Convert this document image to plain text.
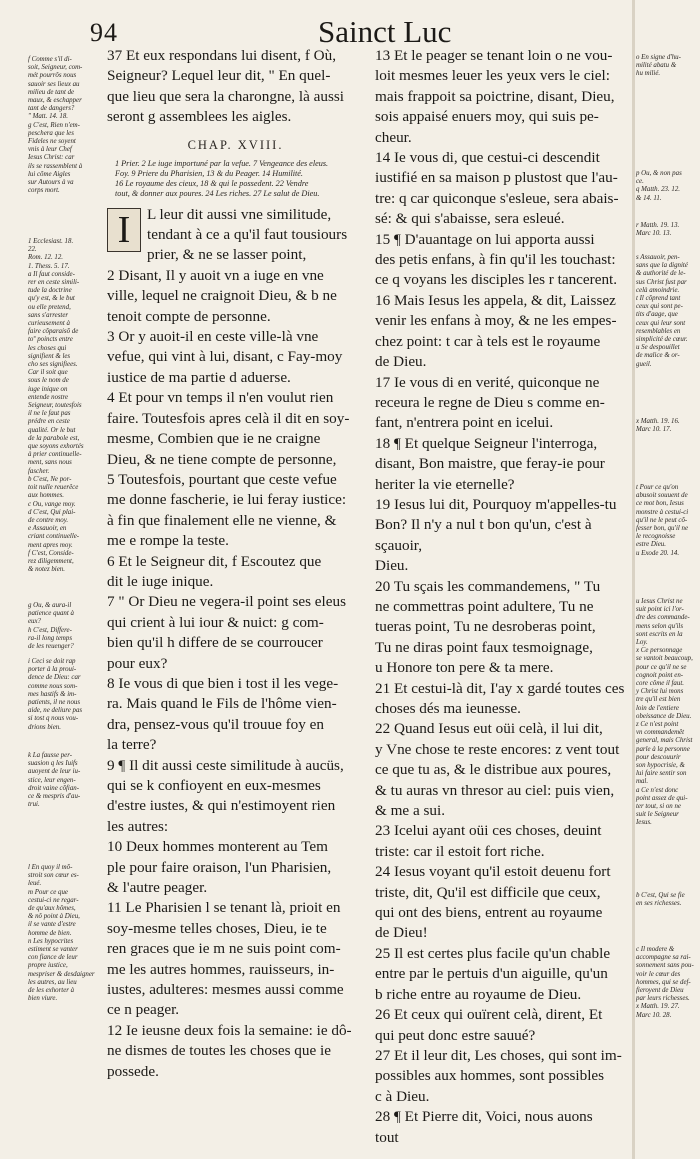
94	Sainct Luc

f Comme s'il di-
soit, Seigneur, com-
mét pourrôs nous
sauoir ses lieux au
milieu de tant de
maux, & eschapper
tant de dangers?
" Matt. 14. 18.
g C'est, Rien n'em-
peschera que les
Fideles ne soyent
vnis à leur Chef
Iesus Christ: car
ils se rassemblent à
lui cõme Aigles
sur Autours à va
corps mort.

1 Ecclesiast. 18.
22.
Rom. 12. 12.
1. Thess. 5. 17.
a Il faut conside-
rer en ceste simili-
tude la doctrine
qu'y est, & le but
ou elle pretend,
sans s'arrester
curieusement à
faire cõparaisõ de
toº poincts entre
les choses qui
signifient & les
cho ses signifiees.
Car il soit que
sous le nom de
iuge inique on
entende nostre
Seigneur, toutesfois
il ne le faut pas
prédre en ceste
qualité. Or le but
de la parabole est,
que soyons exhortés
à prier continuelle-
ment, sans nous
fascher.
b C'est, Ne por-
toit nulle reuerêce
aux hommes.
c Ou, vange moy.
d C'est, Qui plai-
de contre moy.
e Assauoir, en
criant continuelle-
ment apres moy.
f C'est, Conside-
rez diligemment,
& notez bien.

g Ou, & aura-il
patience quant à
eux?
h C'est, Differe-
ra-il long temps
de les reuenger?

i Ceci se doit rap
porter à la proui-
dence de Dieu: car
comme nous som-
mes hastifs & im-
patients, il ne nous
aide, ne deliure pas
si tost q nous vou-
drions bien.

k La fausse per-
suasion q les Iuifs
auoyent de leur iu-
stice, leur engen-
droit vaine cõfian-
ce & mespris d'au-
trui.

l En quoy il mõ-
stroit son cœur es-
leué.
m Pour ce que
cestui-ci ne regar-
de qu'aux hômes,
& nô point à Dieu,
il se vante d'estre
homme de bien.
n Les hypocrites
estiment se vanter
con fiance de leur
propre iustice,
mespriser & desdaigner
les autres, au lieu
de les exhorter à
bien viure.

37 Et eux respondans lui disent, f Où,
Seigneur? Lequel leur dit, " En quel-
que lieu que sera la charongne, là aussi
seront g assemblees les aigles.

CHAP. XVIII.

1 Prier. 2 Le iuge importuné par la vefue. 7 Vengeance des eleus.
Foy. 9 Priere du Pharisien, 13 & du Peager. 14 Humilité.
16 Le royaume des cieux, 18 & qui le possedent. 22 Vendre
tout, & donner aux poures. 24 Les riches. 27 Le salut de Dieu.

I	L leur dit aussi vne similitude,
tendant à ce a qu'il faut tousiours
prier, & ne se lasser point,

2 Disant, Il y auoit vn a iuge en vne
ville, lequel ne craignoit Dieu, & b ne
tenoit compte de personne.

3 Or y auoit-il en ceste ville-là vne
vefue, qui vint à lui, disant, c Fay-moy
iustice de ma partie d aduerse.

4 Et pour vn temps il n'en voulut rien
faire. Toutesfois apres celà il dit en soy-
mesme, Combien que ie ne craigne
Dieu, & ne tiene compte de personne,

5 Toutesfois, pourtant que ceste vefue
me donne fascherie, ie lui feray iustice:
à fin que finalement elle ne vienne, &
me e rompe la teste.

6 Et le Seigneur dit, f Escoutez que
dit le iuge inique.

7 " Or Dieu ne vegera-il point ses eleus
qui crient à lui iour & nuict: g com-
bien qu'il h differe de se courroucer
pour eux?

8 Ie vous di que bien i tost il les vege-
ra. Mais quand le Fils de l'hôme vien-
dra, pensez-vous qu'il trouue foy en
la terre?

9 ¶ Il dit aussi ceste similitude à aucüs,
qui se k confioyent en eux-mesmes
d'estre iustes, & qui n'estimoyent rien
les autres:

10 Deux hommes monterent au Tem
ple pour faire oraison, l'un Pharisien,
& l'autre peager.

11 Le Pharisien l se tenant là, prioit en
soy-mesme telles choses, Dieu, ie te
ren graces que ie m ne suis point com-
me les autres hommes, rauisseurs, in-
iustes, adulteres: mesmes aussi comme
ce n peager.

12 Ie ieusne deux fois la semaine: ie dô-
ne dismes de toutes les choses que ie
possede.

13 Et le peager se tenant loin o ne vou-
loit mesmes leuer les yeux vers le ciel:
mais frappoit sa poictrine, disant, Dieu,
sois appaisé enuers moy, qui suis pe-
cheur.

14 Ie vous di, que cestui-ci descendit
iustifié en sa maison p plustost que l'au-
tre: q car quiconque s'esleue, sera abais-
sé: & qui s'abaisse, sera esleué.

15 ¶ D'auantage on lui apporta aussi
des petis enfans, à fin qu'il les touchast:
ce q voyans les disciples les r tancerent.

16 Mais Iesus les appela, & dit, Laissez
venir les enfans à moy, & ne les empes-
chez point: t car à tels est le royaume
de Dieu.

17 Ie vous di en verité, quiconque ne
receura le regne de Dieu s comme en-
fant, n'entrera point en icelui.

18 ¶ Et quelque Seigneur l'interroga,
disant, Bon maistre, que feray-ie pour
heriter la vie eternelle?

19 Iesus lui dit, Pourquoy m'appelles-tu
Bon? Il n'y a nul t bon qu'un, c'est à sçauoir,
Dieu.

20 Tu sçais les commandemens, " Tu
ne commettras point adultere, Tu ne
tueras point, Tu ne desroberas point,
Tu ne diras point faux tesmoignage,
u Honore ton pere & ta mere.

21 Et cestui-là dit, I'ay x gardé toutes ces
choses dés ma ieunesse.

22 Quand Iesus eut oüi celà, il lui dit,
y Vne chose te reste encores: z vent tout
ce que tu as, & le distribue aux poures,
& tu auras vn thresor au ciel: puis vien,
& me a sui.

23 Icelui ayant oüi ces choses, deuint
triste: car il estoit fort riche.

24 Iesus voyant qu'il estoit deuenu fort
triste, dit, Qu'il est difficile que ceux,
qui ont des biens, entrent au royaume
de Dieu!

25 Il est certes plus facile qu'un chable
entre par le pertuis d'un aiguille, qu'un
b riche entre au royaume de Dieu.

26 Et ceux qui ouïrent celà, dirent, Et
qui peut donc estre sauué?

27 Et il leur dit, Les choses, qui sont im-
possibles aux hommes, sont possibles
c à Dieu.

28 ¶ Et Pierre dit, Voici, nous auons
tout

o En signe d'hu-
milité abatu &
hu milié.

p Ou, & non pas
ce.
q Matth. 23. 12.
& 14. 11.

r Matth. 19. 13.
Marc 10. 13.

s Assauoir, pen-
sans que la dignité
& authorité de le-
sus Christ fust par
celà amoindrie.
t Il cõprend tant
ceux qui sont pe-
tits d'aage, que
ceux qui leur sont
resemblables en
simplicité de cœur.
u Se despouillet
de malice & or-
gueil.

x Matth. 19. 16.
Marc 10. 17.

t Pour ce qu'on
abusoit souuent de
ce mot bon, Iesus
monstre à cestui-ci
qu'il ne le peut cõ-
fesser bon, qu'il ne
le recognoisse
estre Dieu.
u Exode 20. 14.

u Iesus Christ ne
suit point ici l'or-
dre des commande-
mens selon qu'ils
sont escrits en la
Loy.
x Ce personnage
se vantoit beaucoup,
pour ce qu'il ne se
cognoit point en-
core côme il faut.
y Christ lui mons
tre qu'il est bien
loin de l'entiere
obeissance de Dieu.
z Ce n'est point
vn commandemêt
general, mais Christ
parle à la personne
pour descouurir
son hypocrisie, &
lui faire sentir son
mal.
a Ce n'est donc
point assez de qui-
ter tout, si on ne
suit le Seigneur
Iesus.

b C'est, Qui se fie
en ses richesses.

c Il modere &
accompagne sa rai-
sonnement sans pou-
voir le cœur des
hommes, qui se def-
fieroyent de Dieu
par leurs richesses.
x Matth. 19. 27.
Marc 10. 28.
